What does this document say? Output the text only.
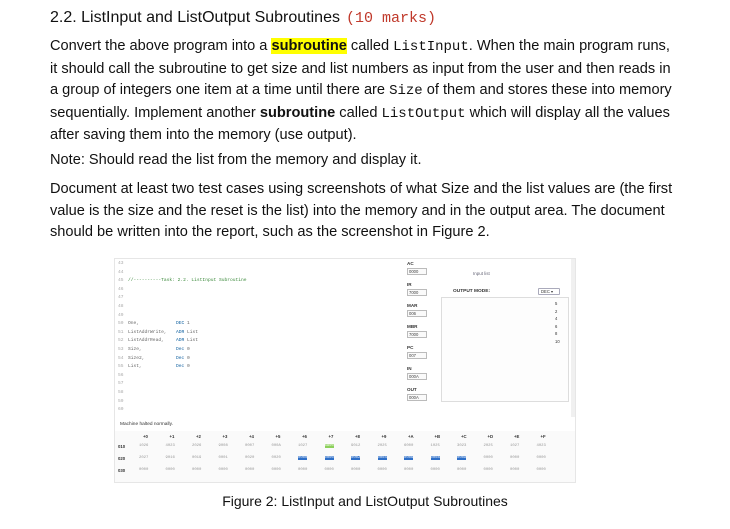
2.2. ListInput and ListOutput Subroutines (10 marks)
Convert the above program into a subroutine called ListInput. When the main program runs, it should call the subroutine to get size and list numbers as input from the user and then reads in a group of integers one item at a time until there are Size of them and stores these into memory sequentially. Implement another subroutine called ListOutput which will display all the values after saving them into the memory (use output).
Note: Should read the list from the memory and display it.
Document at least two test cases using screenshots of what Size and the list values are (the first value is the size and the reset is the list) into the memory and in the output area. The document should be written into the report, such as the screenshot in Figure 2.
43
44
45 //----------Task: 2.2. ListInput Subroutine
46
47
48
49
50 One,	DEC 1
51 ListAddrWrite, ADR List
52 ListAddrRead,	ADR List
53 Size,	Dec 0
54 Size2,	Dec 0
55 List,	Dec 0
56
57
58
59
60
AC
0000
IR
7000
MAR
006
MBR
7000
PC
007
IN
000A
OUT
000A
Input list
OUTPUT MODE:	DEC ▾
5
2
4
6
8
10
Machine halted normally.
+0	+1	+2	+3	+4	+5	+6	+7	+8	+9	+A	+B	+C	+D	+E	+F
010	1026	4023	2026	9008	0007	000A	1027	8800	9012	2025	6000	1025	3023	2025	1027	4023
020	2027	9016	0019	0001	0020	0020	0000	0000	0002	0004	0006	0008	000A	0000	0000	0000
030	0000	0000	0000	0000	0000	0000	0000	0000	0000	0000	0000	0000	0000	0000	0000	0000
Figure 2: ListInput and ListOutput Subroutines
